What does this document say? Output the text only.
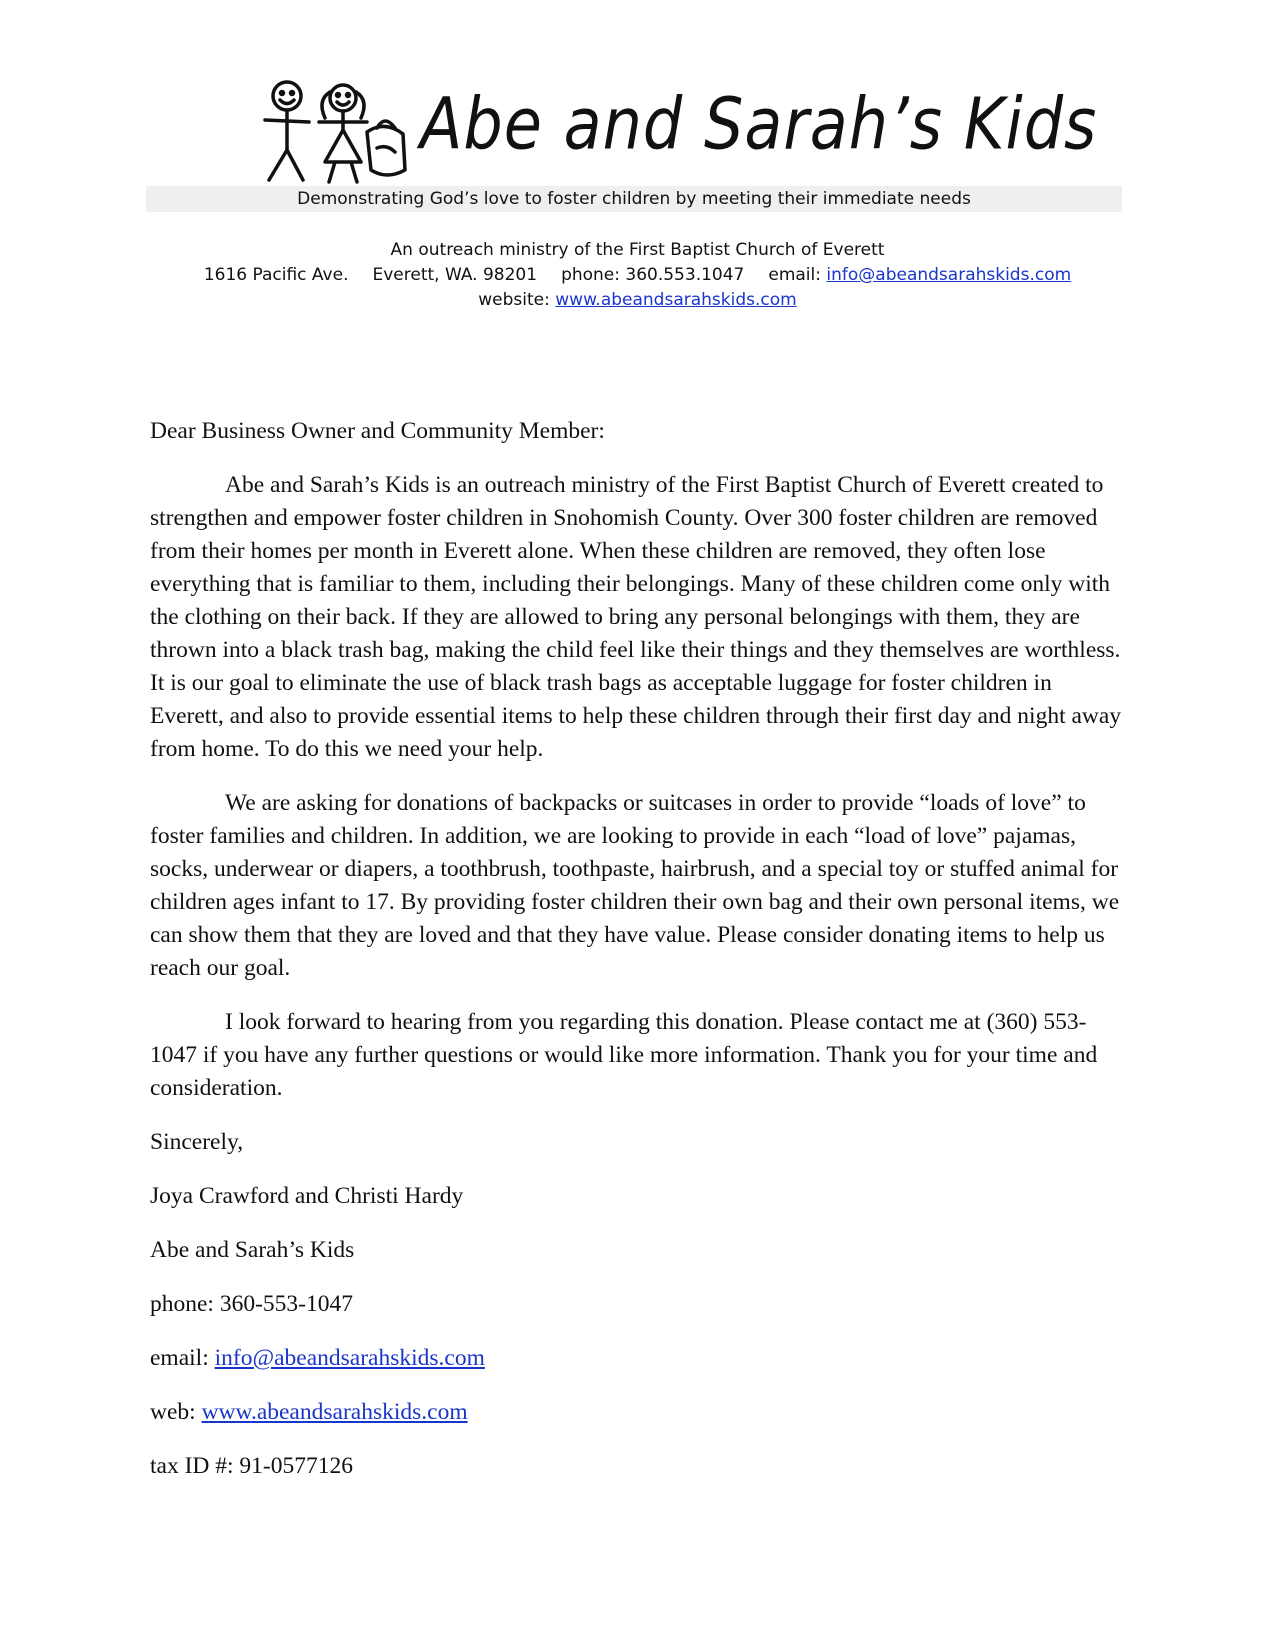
Abe and Sarah’s Kids
Demonstrating God’s love to foster children by meeting their immediate needs
An outreach ministry of the First Baptist Church of Everett
1616 Pacific Ave. Everett, WA. 98201 phone: 360.553.1047 email: info@abeandsarahskids.com
website: www.abeandsarahskids.com

Dear Business Owner and Community Member:

Abe and Sarah’s Kids is an outreach ministry of the First Baptist Church of Everett created to strengthen and empower foster children in Snohomish County. Over 300 foster children are removed from their homes per month in Everett alone. When these children are removed, they often lose everything that is familiar to them, including their belongings. Many of these children come only with the clothing on their back. If they are allowed to bring any personal belongings with them, they are thrown into a black trash bag, making the child feel like their things and they themselves are worthless. It is our goal to eliminate the use of black trash bags as acceptable luggage for foster children in Everett, and also to provide essential items to help these children through their first day and night away from home. To do this we need your help.

We are asking for donations of backpacks or suitcases in order to provide “loads of love” to foster families and children. In addition, we are looking to provide in each “load of love” pajamas, socks, underwear or diapers, a toothbrush, toothpaste, hairbrush, and a special toy or stuffed animal for children ages infant to 17. By providing foster children their own bag and their own personal items, we can show them that they are loved and that they have value. Please consider donating items to help us reach our goal.

I look forward to hearing from you regarding this donation. Please contact me at (360) 553-1047 if you have any further questions or would like more information. Thank you for your time and consideration.

Sincerely,

Joya Crawford and Christi Hardy

Abe and Sarah’s Kids

phone: 360-553-1047

email: info@abeandsarahskids.com

web: www.abeandsarahskids.com

tax ID #: 91-0577126
